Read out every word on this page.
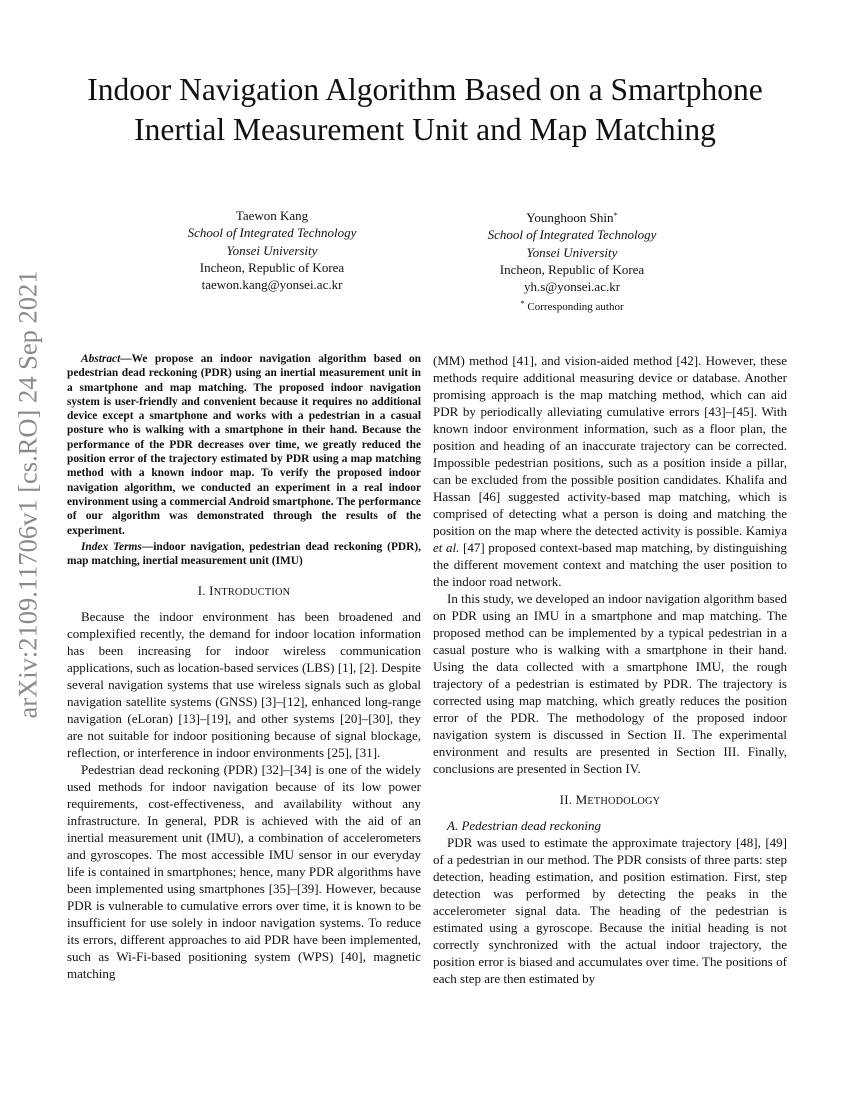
arXiv:2109.11706v1 [cs.RO] 24 Sep 2021
Indoor Navigation Algorithm Based on a Smartphone Inertial Measurement Unit and Map Matching
Taewon Kang
School of Integrated Technology
Yonsei University
Incheon, Republic of Korea
taewon.kang@yonsei.ac.kr
Younghoon Shin*
School of Integrated Technology
Yonsei University
Incheon, Republic of Korea
yh.s@yonsei.ac.kr
* Corresponding author

Abstract—We propose an indoor navigation algorithm based on pedestrian dead reckoning (PDR) using an inertial measurement unit in a smartphone and map matching. The proposed indoor navigation system is user-friendly and convenient because it requires no additional device except a smartphone and works with a pedestrian in a casual posture who is walking with a smartphone in their hand. Because the performance of the PDR decreases over time, we greatly reduced the position error of the trajectory estimated by PDR using a map matching method with a known indoor map. To verify the proposed indoor navigation algorithm, we conducted an experiment in a real indoor environment using a commercial Android smartphone. The performance of our algorithm was demonstrated through the results of the experiment.

Index Terms—indoor navigation, pedestrian dead reckoning (PDR), map matching, inertial measurement unit (IMU)

I. INTRODUCTION

Because the indoor environment has been broadened and complexified recently, the demand for indoor location information has been increasing for indoor wireless communication applications, such as location-based services (LBS) [1], [2]. Despite several navigation systems that use wireless signals such as global navigation satellite systems (GNSS) [3]–[12], enhanced long-range navigation (eLoran) [13]–[19], and other systems [20]–[30], they are not suitable for indoor positioning because of signal blockage, reflection, or interference in indoor environments [25], [31].

Pedestrian dead reckoning (PDR) [32]–[34] is one of the widely used methods for indoor navigation because of its low power requirements, cost-effectiveness, and availability without any infrastructure. In general, PDR is achieved with the aid of an inertial measurement unit (IMU), a combination of accelerometers and gyroscopes. The most accessible IMU sensor in our everyday life is contained in smartphones; hence, many PDR algorithms have been implemented using smartphones [35]–[39]. However, because PDR is vulnerable to cumulative errors over time, it is known to be insufficient for use solely in indoor navigation systems. To reduce its errors, different approaches to aid PDR have been implemented, such as Wi-Fi-based positioning system (WPS) [40], magnetic matching

(MM) method [41], and vision-aided method [42]. However, these methods require additional measuring device or database. Another promising approach is the map matching method, which can aid PDR by periodically alleviating cumulative errors [43]–[45]. With known indoor environment information, such as a floor plan, the position and heading of an inaccurate trajectory can be corrected. Impossible pedestrian positions, such as a position inside a pillar, can be excluded from the possible position candidates. Khalifa and Hassan [46] suggested activity-based map matching, which is comprised of detecting what a person is doing and matching the position on the map where the detected activity is possible. Kamiya et al. [47] proposed context-based map matching, by distinguishing the different movement context and matching the user position to the indoor road network.

In this study, we developed an indoor navigation algorithm based on PDR using an IMU in a smartphone and map matching. The proposed method can be implemented by a typical pedestrian in a casual posture who is walking with a smartphone in their hand. Using the data collected with a smartphone IMU, the rough trajectory of a pedestrian is estimated by PDR. The trajectory is corrected using map matching, which greatly reduces the position error of the PDR. The methodology of the proposed indoor navigation system is discussed in Section II. The experimental environment and results are presented in Section III. Finally, conclusions are presented in Section IV.

II. METHODOLOGY

A. Pedestrian dead reckoning

PDR was used to estimate the approximate trajectory [48], [49] of a pedestrian in our method. The PDR consists of three parts: step detection, heading estimation, and position estimation. First, step detection was performed by detecting the peaks in the accelerometer signal data. The heading of the pedestrian is estimated using a gyroscope. Because the initial heading is not correctly synchronized with the actual indoor trajectory, the position error is biased and accumulates over time. The positions of each step are then estimated by
